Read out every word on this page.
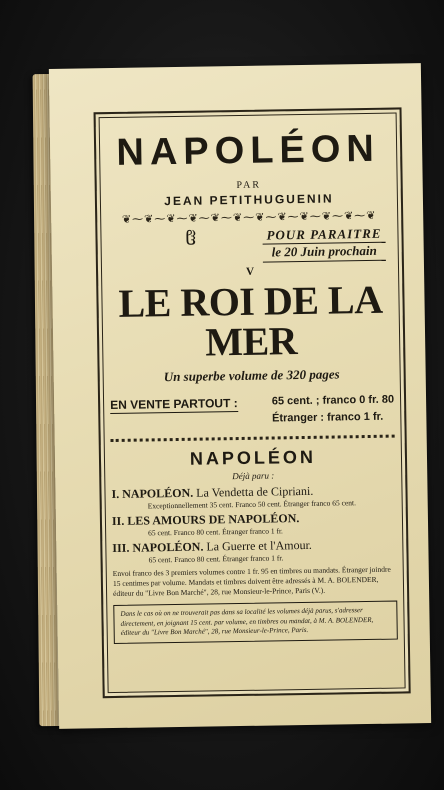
NAPOLÉON
PAR
JEAN PETITHUGUENIN
❦⁓❦⁓❦⁓❦⁓❦⁓❦⁓❦⁓❦⁓❦⁓❦⁓❦⁓❦
ჱ	POUR PARAITRE
le 20 Juin prochain
V
LE ROI DE LA MER
Un superbe volume de 320 pages
EN VENTE PARTOUT :	65 cent. ; franco 0 fr. 80
Étranger : franco 1 fr.
NAPOLÉON
Déjà paru :
I. NAPOLÉON. La Vendetta de Cipriani.
Exceptionnellement 35 cent. Franco 50 cent. Étranger franco 65 cent.
II. LES AMOURS DE NAPOLÉON.
65 cent. Franco 80 cent. Étranger franco 1 fr.
III. NAPOLÉON. La Guerre et l'Amour.
65 cent. Franco 80 cent. Étranger franco 1 fr.
Envoi franco des 3 premiers volumes contre 1 fr. 95 en timbres ou mandats. Étranger joindre 15 centimes par volume. Mandats et timbres doivent être adressés à M. A. BOLENDER, éditeur du "Livre Bon Marché", 28, rue Monsieur-le-Prince, Paris (V.).
Dans le cas où on ne trouverait pas dans sa localité les volumes déjà parus, s'adresser directement, en joignant 15 cent. par volume, en timbres ou mandat, à M. A. BOLENDER, éditeur du "Livre Bon Marché", 28, rue Monsieur-le-Prince, Paris.
